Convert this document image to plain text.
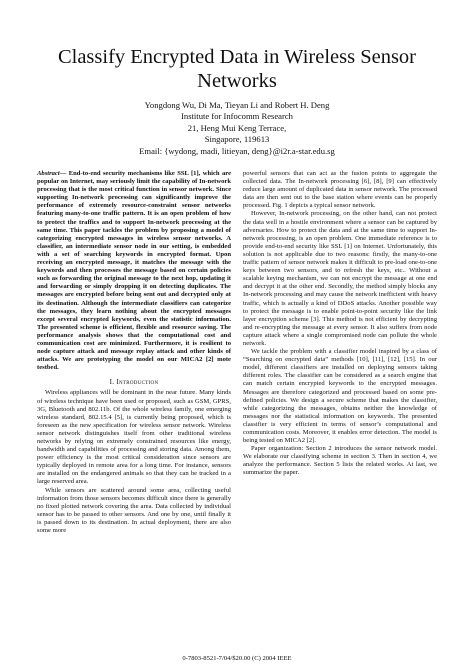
Classify Encrypted Data in Wireless Sensor
Networks
Yongdong Wu, Di Ma, Tieyan Li and Robert H. Deng
Institute for Infocomm Research
21, Heng Mui Keng Terrace,
Singapore, 119613
Email: {wydong, madi, litieyan, deng}@i2r.a-star.edu.sg

Abstract— End-to-end security mechanisms like SSL [1], which are popular on Internet, may seriously limit the capability of In-network processing that is the most critical function in sensor network. Since supporting In-network processing can significantly improve the performance of extremely resource-constraint sensor networks featuring many-to-one traffic pattern. It is an open problem of how to protect the traffics and to support In-network processing at the same time. This paper tackles the problem by proposing a model of categorizing encrypted messages in wireless sensor networks. A classifier, an intermediate sensor node in our setting, is embedded with a set of searching keywords in encrypted format. Upon receiving an encrypted message, it matches the message with the keywords and then processes the message based on certain policies such as forwarding the original message to the next hop, updating it and forwarding or simply dropping it on detecting duplicates. The messages are encrypted before being sent out and decrypted only at its destination. Although the intermediate classifiers can categorize the messages, they learn nothing about the encrypted messages except several encrypted keywords, even the statistic information. The presented scheme is efficient, flexible and resource saving. The performance analysis shows that the computational cost and communication cost are minimized. Furthermore, it is resilient to node capture attack and message replay attack and other kinds of attacks. We are prototyping the model on our MICA2 [2] mote testbed.

I. Introduction

Wireless appliances will be dominant in the near future. Many kinds of wireless technique have been used or proposed, such as GSM, GPRS, 3G, Bluetooth and 802.11b. Of the whole wireless family, one emerging wireless standard, 802.15.4 [5], is currently being proposed, which is foreseen as the new specification for wireless sensor network. Wireless sensor network distinguishes itself from other traditional wireless networks by relying on extremely constrained resources like energy, bandwidth and capabilities of processing and storing data. Among them, power efficiency is the most critical consideration since sensors are typically deployed in remote area for a long time. For instance, sensors are installed on the endangered animals so that they can be tracked in a large reserved area.

While sensors are scattered around some area, collecting useful information from those sensors becomes difficult since there is generally no fixed plotted network covering the area. Data collected by individual sensor has to be passed to other sensors. And one by one, until finally it is passed down to its destination. In actual deployment, there are also some more

powerful sensors that can act as the fusion points to aggregate the collected data. The In-network processing [6], [8], [9] can effectively reduce large amount of duplicated data in sensor network. The processed data are then sent out to the base station where events can be properly processed. Fig. 1 depicts a typical sensor network.

However, In-network processing, on the other hand, can not protect the data well in a hostile environment where a sensor can be captured by adversaries. How to protect the data and at the same time to support In-network processing, is an open problem. One immediate reference is to provide end-to-end security like SSL [1] on Internet. Unfortunately, this solution is not applicable due to two reasons: firstly, the many-to-one traffic pattern of sensor network makes it difficult to pre-load one-to-one keys between two sensors, and to refresh the keys, etc.. Without a scalable keying mechanism, we can not encrypt the message at one end and decrypt it at the other end. Secondly, the method simply blocks any In-network processing and may cause the network inefficient with heavy traffic, which is actually a kind of DDoS attacks. Another possible way to protect the message is to enable point-to-point security like the link layer encryption scheme [3]. This method is not efficient by decrypting and re-encrypting the message at every sensor. It also suffers from node capture attack where a single compromised node can pollute the whole network.

We tackle the problem with a classifier model inspired by a class of “Searching on encrypted data” methods [10], [11], [12], [15]. In our model, different classifiers are installed on deploying sensors taking different roles. The classifier can be considered as a search engine that can match certain encrypted keywords to the encrypted messages. Messages are therefore categorized and processed based on some pre-defined policies. We design a secure scheme that makes the classifier, while categorizing the messages, obtains neither the knowledge of messages nor the statistical information on keywords. The presented classifier is very efficient in terms of sensor’s computational and communication costs. Moreover, it enables error detection. The model is being tested on MICA2 [2].

Paper organization: Section 2 introduces the sensor network model. We elaborate our classifying scheme in section 3. Then in section 4, we analyze the performance. Section 5 lists the related works. At last, we summarize the paper.

0-7803-8521-7/04/$20.00 (C) 2004 IEEE
